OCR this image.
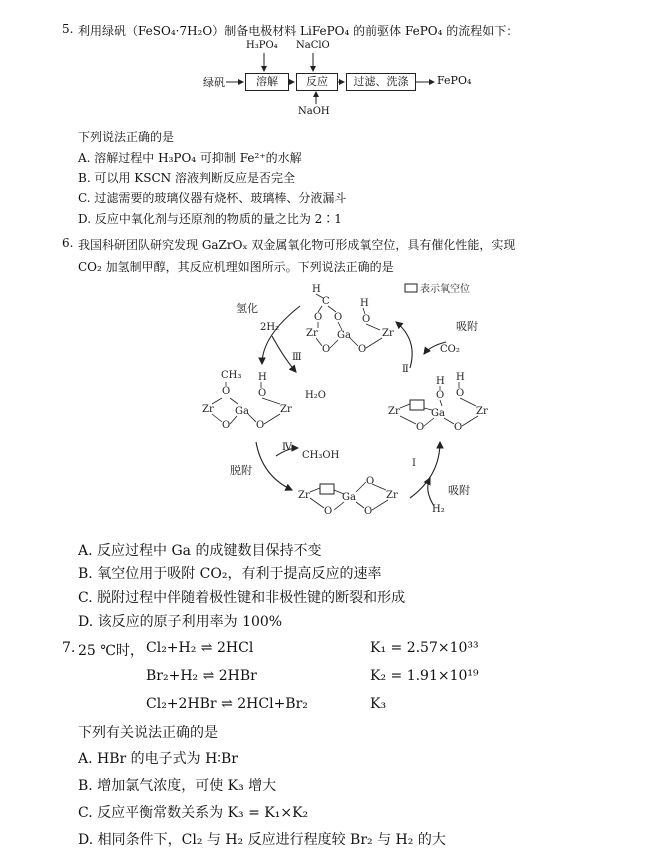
5. 利用绿矾（FeSO₄·7H₂O）制备电极材料 LiFePO₄ 的前驱体 FePO₄ 的流程如下：
H₃PO₄ NaClO
绿矾	溶解	反应	过滤、洗涤	FePO₄
NaOH
下列说法正确的是
A. 溶解过程中 H₃PO₄ 可抑制 Fe²⁺的水解
B. 可以用 KSCN 溶液判断反应是否完全
C. 过滤需要的玻璃仪器有烧杯、玻璃棒、分液漏斗
D. 反应中氧化剂与还原剂的物质的量之比为 2∶1
6. 我国科研团队研究发现 GaZrOₓ 双金属氧化物可形成氧空位，具有催化性能，实现
CO₂ 加氢制甲醇，其反应机理如图所示。下列说法正确的是
表示氧空位
H
C
O O
H
O
Zr Ga	Zr
O	O
氢化
2H₂
Ⅲ
H₂O
吸附
CO₂
Ⅱ
CH₃ H
O	O
Zr Ga	Zr
O	O
H H
O O
Zr	Ga	Zr
O	O
Ⅳ
CH₃OH
脱附
Ⅰ
吸附
H₂
Zr	Ga
O
Zr
O	O
A. 反应过程中 Ga 的成键数目保持不变
B. 氧空位用于吸附 CO₂，有利于提高反应的速率
C. 脱附过程中伴随着极性键和非极性键的断裂和形成
D. 该反应的原子利用率为 100%
7. 25 ℃时， Cl₂+H₂ ⇌ 2HCl	K₁ = 2.57×10³³
Br₂+H₂ ⇌ 2HBr	K₂ = 1.91×10¹⁹
Cl₂+2HBr ⇌ 2HCl+Br₂	K₃
下列有关说法正确的是
A. HBr 的电子式为 H∶Br
B. 增加氯气浓度，可使 K₃ 增大
C. 反应平衡常数关系为 K₃ = K₁×K₂
D. 相同条件下，Cl₂ 与 H₂ 反应进行程度较 Br₂ 与 H₂ 的大
